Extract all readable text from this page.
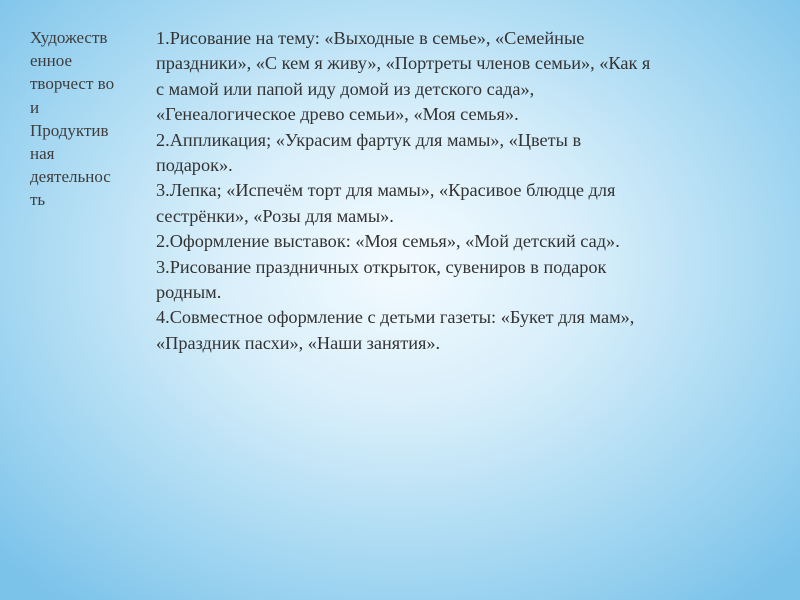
Художеств
енное
творчест во
и
Продуктив
ная
деятельнос
ть
1.Рисование на тему: «Выходные в семье», «Семейные
праздники», «С кем я живу», «Портреты членов семьи», «Как я
с мамой или папой иду домой из детского сада»,
«Генеалогическое древо семьи», «Моя семья».
2.Аппликация; «Украсим фартук для мамы», «Цветы в
подарок».
3.Лепка; «Испечём торт для мамы», «Красивое блюдце для
сестрёнки», «Розы для мамы».
2.Оформление выставок: «Моя семья», «Мой детский сад».
3.Рисование праздничных открыток, сувениров в подарок
родным.
4.Совместное оформление с детьми газеты: «Букет для мам»,
«Праздник пасхи», «Наши занятия».
